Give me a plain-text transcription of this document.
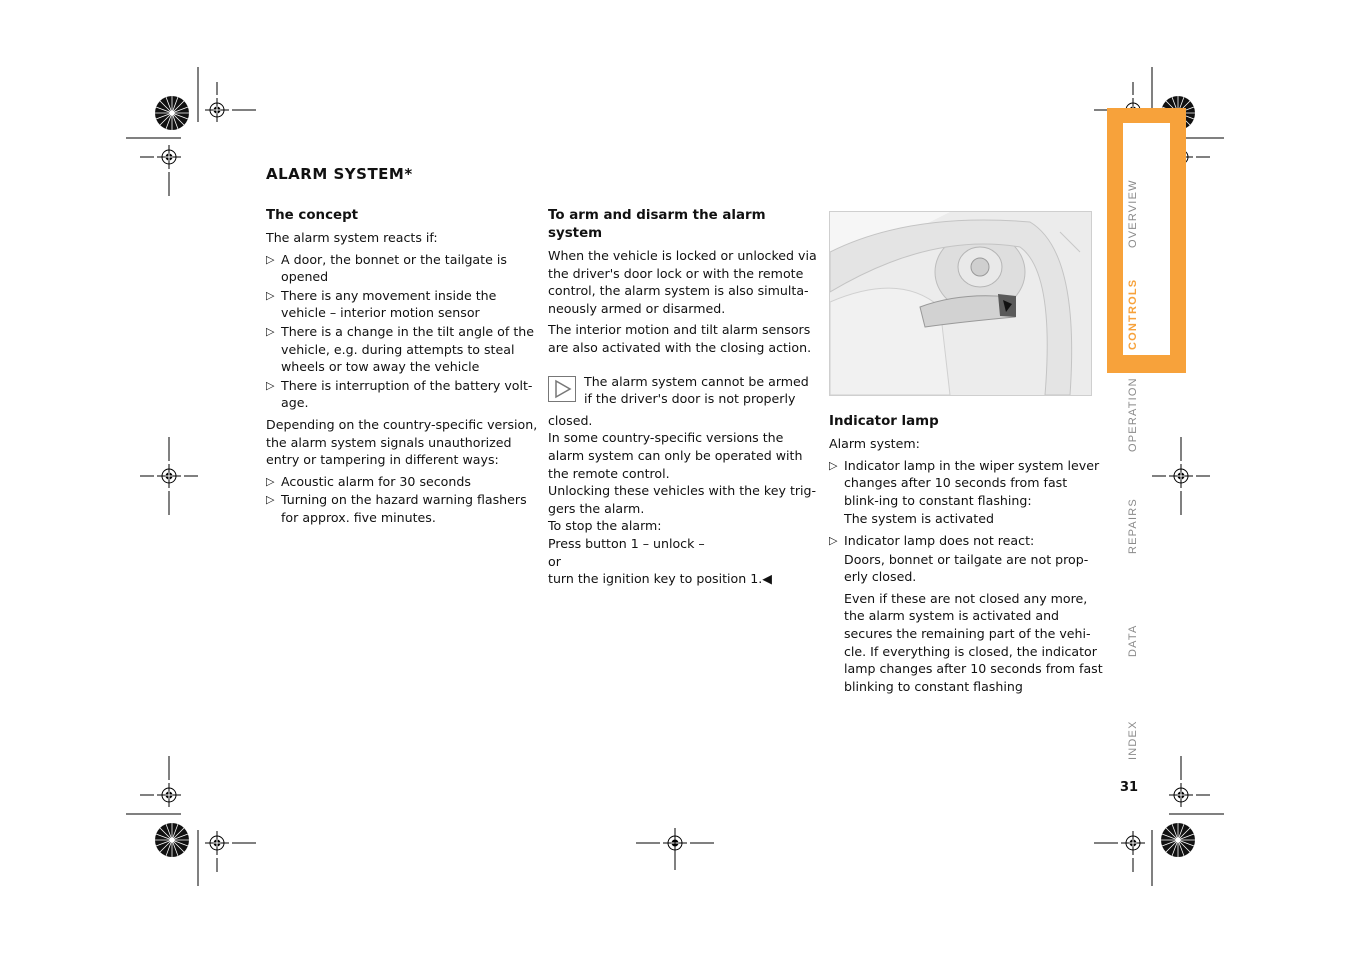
ALARM SYSTEM*
The concept

The alarm system reacts if:

▷ A door, the bonnet or the tailgate is opened
▷ There is any movement inside the vehicle – interior motion sensor
▷ There is a change in the tilt angle of the vehicle, e.g. during attempts to steal wheels or tow away the vehicle
▷ There is interruption of the battery volt-age.

Depending on the country-specific version, the alarm system signals unauthorized entry or tampering in different ways:

▷ Acoustic alarm for 30 seconds
▷ Turning on the hazard warning flashers for approx. five minutes.
To arm and disarm the alarm system

When the vehicle is locked or unlocked via the driver's door lock or with the remote control, the alarm system is also simulta-neously armed or disarmed.

The interior motion and tilt alarm sensors are also activated with the closing action.

The alarm system cannot be armed if the driver's door is not properly

closed.

In some country-specific versions the alarm system can only be operated with the remote control.

Unlocking these vehicles with the key trig-gers the alarm.

To stop the alarm:

Press button 1 – unlock –

or

turn the ignition key to position 1.◀

Indicator lamp

Alarm system:

▷ Indicator lamp in the wiper system lever changes after 10 seconds from fast blink-ing to constant flashing:

The system is activated

▷ Indicator lamp does not react:

Doors, bonnet or tailgate are not prop-erly closed.

Even if these are not closed any more, the alarm system is activated and secures the remaining part of the vehi-cle. If everything is closed, the indicator lamp changes after 10 seconds from fast blinking to constant flashing

OVERVIEW
CONTROLS
OPERATION
REPAIRS
DATA
INDEX
31
